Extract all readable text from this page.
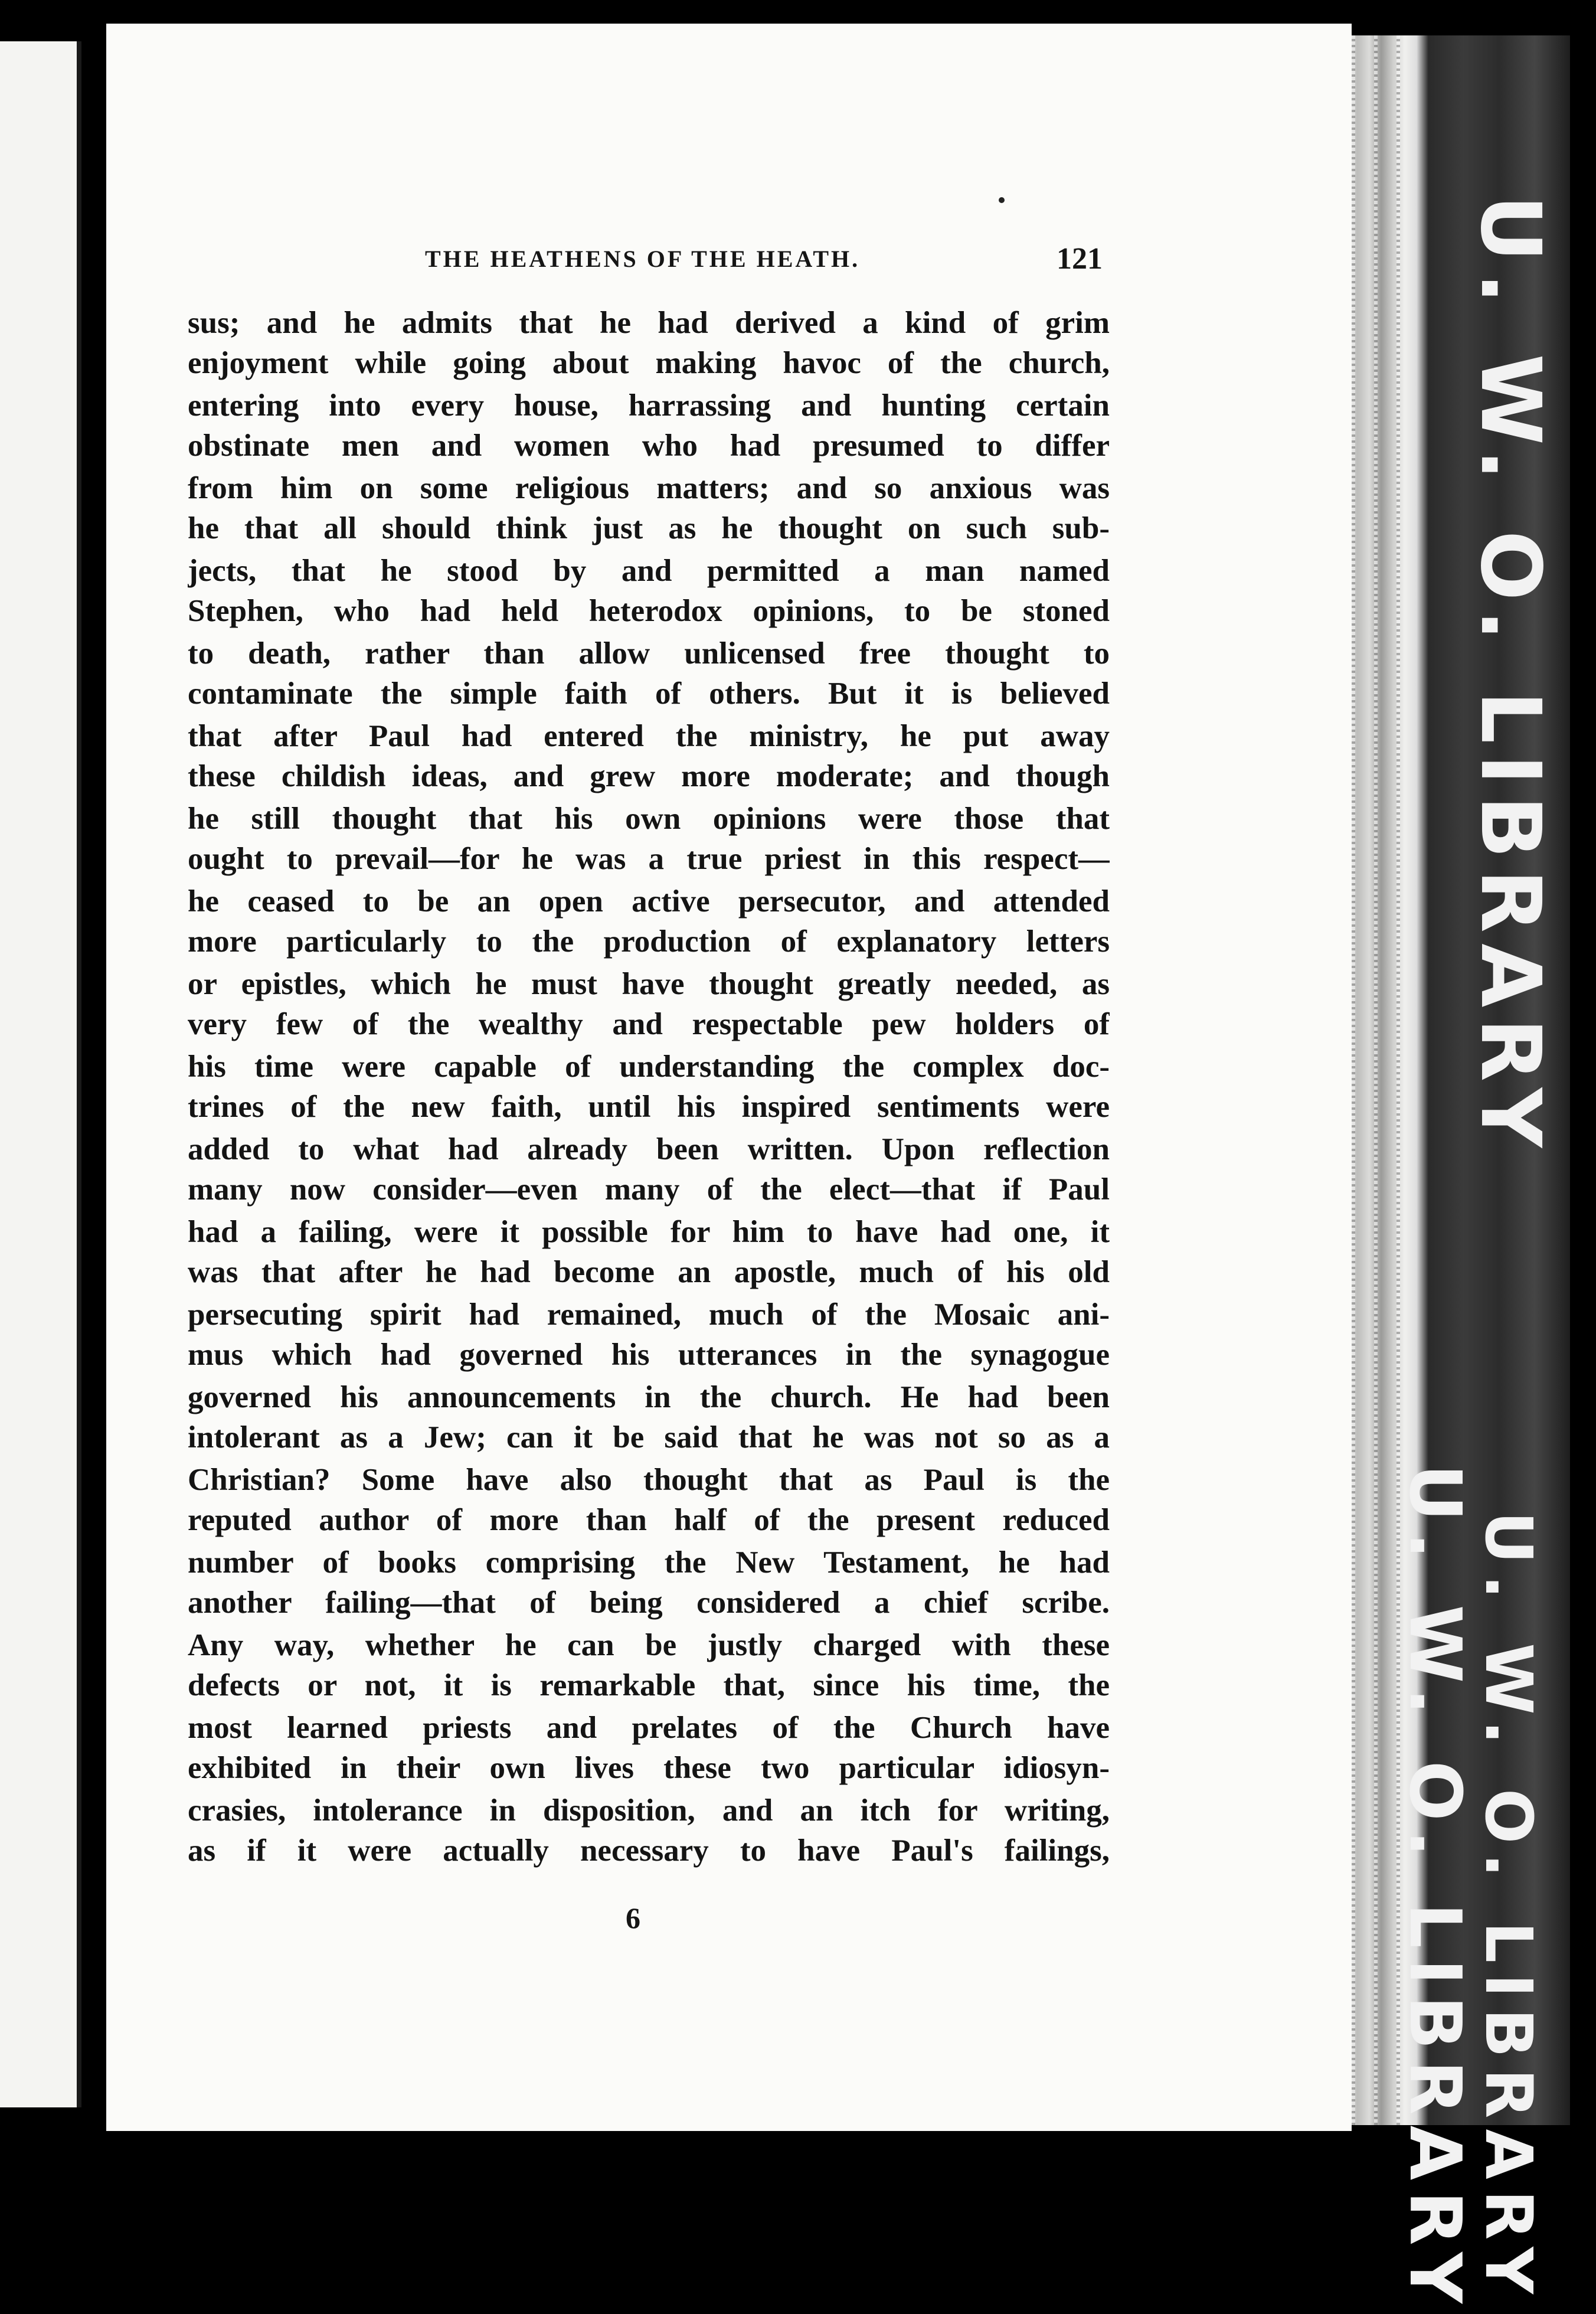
U. W. O. LIBRARY
U. W. O. LIBRARY
U. W. O. LIBRARY
THE HEATHENS OF THE HEATH.	121
sus; and he admits that he had derived a kind of grim
enjoyment while going about making havoc of the church,
entering into every house, harrassing and hunting certain
obstinate men and women who had presumed to differ
from him on some religious matters; and so anxious was
he that all should think just as he thought on such sub-
jects, that he stood by and permitted a man named
Stephen, who had held heterodox opinions, to be stoned
to death, rather than allow unlicensed free thought to
contaminate the simple faith of others. But it is believed
that after Paul had entered the ministry, he put away
these childish ideas, and grew more moderate; and though
he still thought that his own opinions were those that
ought to prevail—for he was a true priest in this respect—
he ceased to be an open active persecutor, and attended
more particularly to the production of explanatory letters
or epistles, which he must have thought greatly needed, as
very few of the wealthy and respectable pew holders of
his time were capable of understanding the complex doc-
trines of the new faith, until his inspired sentiments were
added to what had already been written. Upon reflection
many now consider—even many of the elect—that if Paul
had a failing, were it possible for him to have had one, it
was that after he had become an apostle, much of his old
persecuting spirit had remained, much of the Mosaic ani-
mus which had governed his utterances in the synagogue
governed his announcements in the church. He had been
intolerant as a Jew; can it be said that he was not so as a
Christian? Some have also thought that as Paul is the
reputed author of more than half of the present reduced
number of books comprising the New Testament, he had
another failing—that of being considered a chief scribe.
Any way, whether he can be justly charged with these
defects or not, it is remarkable that, since his time, the
most learned priests and prelates of the Church have
exhibited in their own lives these two particular idiosyn-
crasies, intolerance in disposition, and an itch for writing,
as if it were actually necessary to have Paul's failings,
6
